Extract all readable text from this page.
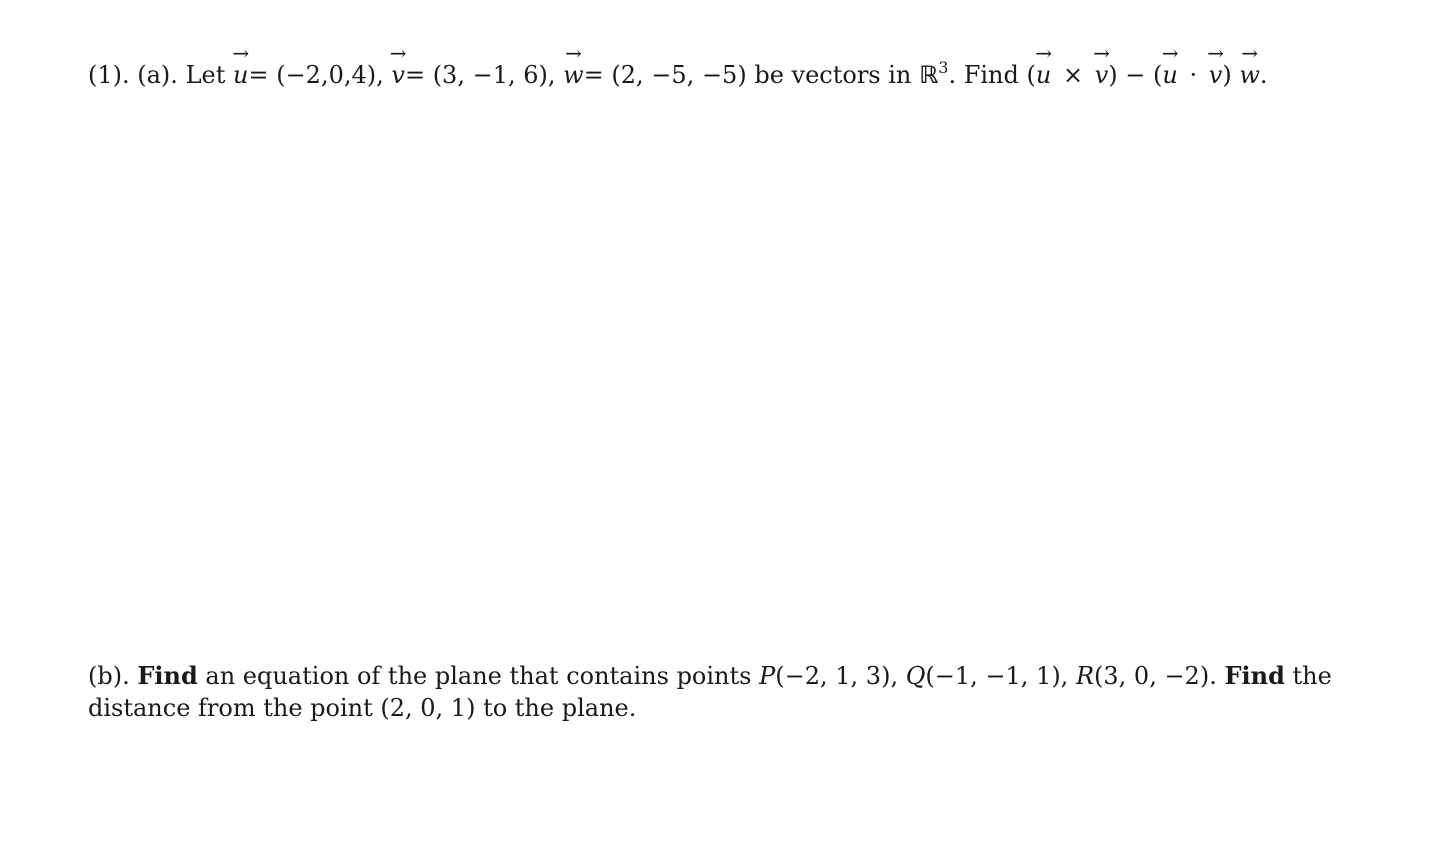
(1). (a). Let → u= (−2,0,4), → v= (3, −1, 6), → w= (2, −5, −5) be vectors in ℝ$^3$. Find (→ u × → v) − (→ u · → v) → w.
(b). Find an equation of the plane that contains points P(−2, 1, 3), Q(−1, −1, 1), R(3, 0, −2). Find the
distance from the point (2, 0, 1) to the plane.
